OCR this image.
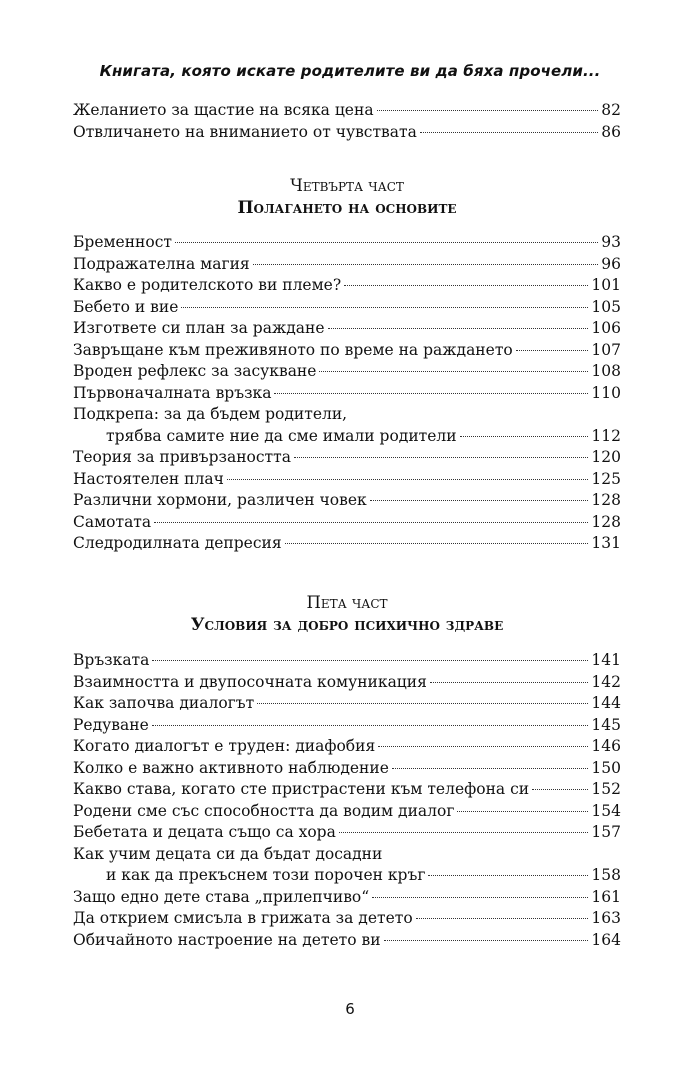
Книгата, която искате родителите ви да бяха прочели...
Желанието за щастие на всяка цена	82
Отвличането на вниманието от чувствата	86
Четвърта част
Полагането на основите
Бременност	93
Подражателна магия	96
Какво е родителското ви племе?	101
Бебето и вие	105
Изгответе си план за раждане	106
Завръщане към преживяното по време на раждането	107
Вроден рефлекс за засукване	108
Първоначалната връзка	110
Подкрепа: за да бъдем родители,
трябва самите ние да сме имали родители	112
Теория за привързаността	120
Настоятелен плач	125
Различни хормони, различен човек	128
Самотата	128
Следродилната депресия	131
Пета част
Условия за добро психично здраве
Връзката	141
Взаимността и двупосочната комуникация	142
Как започва диалогът	144
Редуване	145
Когато диалогът е труден: диафобия	146
Колко е важно активното наблюдение	150
Какво става, когато сте пристрастени към телефона си	152
Родени сме със способността да водим диалог	154
Бебетата и децата също са хора	157
Как учим децата си да бъдат досадни
и как да прекъснем този порочен кръг	158
Защо едно дете става „прилепчиво“	161
Да открием смисъла в грижата за детето	163
Обичайното настроение на детето ви	164
6
